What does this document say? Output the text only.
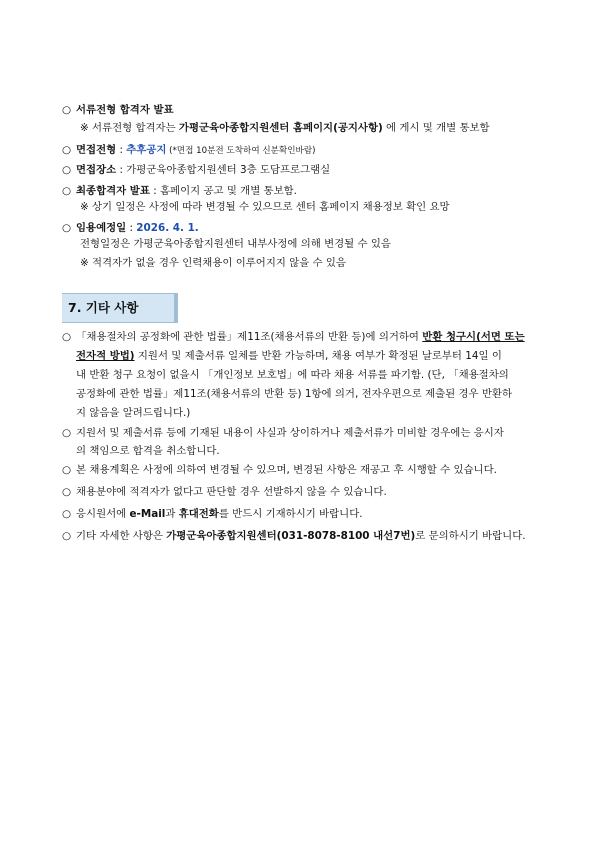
○ 서류전형 합격자 발표
※ 서류전형 합격자는 가평군육아종합지원센터 홈페이지(공지사항) 에 게시 및 개별 통보함
○ 면접전형 : 추후공지 (*면접 10분전 도착하여 신분확인바람)
○ 면접장소 : 가평군육아종합지원센터 3층 도담프로그램실
○ 최종합격자 발표 : 홈페이지 공고 및 개별 통보함.
※ 상기 일정은 사정에 따라 변경될 수 있으므로 센터 홈페이지 채용정보 확인 요망
○ 임용예정일 : 2026. 4. 1.
전형일정은 가평군육아종합지원센터 내부사정에 의해 변경될 수 있음
※ 적격자가 없을 경우 인력채용이 이루어지지 않을 수 있음
7. 기타 사항
○ 「채용절차의 공정화에 관한 법률」제11조(채용서류의 반환 등)에 의거하여 반환 청구시(서면 또는
전자적 방법) 지원서 및 제출서류 일체를 반환 가능하며, 채용 여부가 확정된 날로부터 14일 이
내 반환 청구 요청이 없을시 「개인정보 보호법」에 따라 채용 서류를 파기함. (단, 「채용절차의
공정화에 관한 법률」제11조(채용서류의 반환 등) 1항에 의거, 전자우편으로 제출된 경우 반환하
지 않음을 알려드립니다.)
○ 지원서 및 제출서류 등에 기재된 내용이 사실과 상이하거나 제출서류가 미비할 경우에는 응시자
의 책임으로 합격을 취소합니다.
○ 본 채용계획은 사정에 의하여 변경될 수 있으며, 변경된 사항은 재공고 후 시행할 수 있습니다.
○ 채용분야에 적격자가 없다고 판단할 경우 선발하지 않을 수 있습니다.
○ 응시원서에 e-Mail과 휴대전화를 반드시 기재하시기 바랍니다.
○ 기타 자세한 사항은 가평군육아종합지원센터(031-8078-8100 내선7번)로 문의하시기 바랍니다.
